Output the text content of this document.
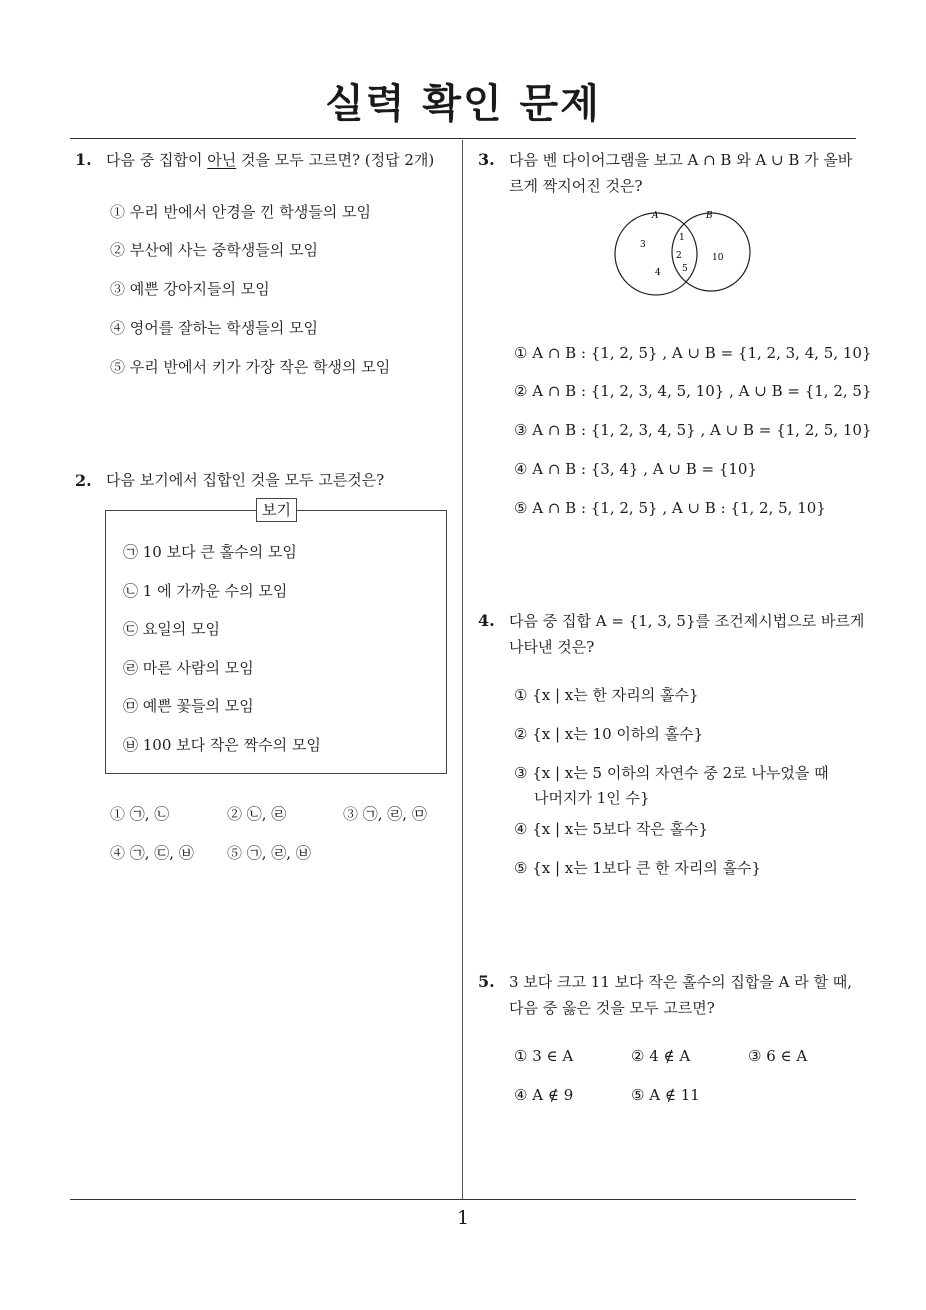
실력 확인 문제
1. 다음 중 집합이 아닌 것을 모두 고르면? (정답 2개)
① 우리 반에서 안경을 낀 학생들의 모임
② 부산에 사는 중학생들의 모임
③ 예쁜 강아지들의 모임
④ 영어를 잘하는 학생들의 모임
⑤ 우리 반에서 키가 가장 작은 학생의 모임
2. 다음 보기에서 집합인 것을 모두 고른것은?
보기
㉠ 10 보다 큰 홀수의 모임
㉡ 1 에 가까운 수의 모임
㉢ 요일의 모임
㉣ 마른 사람의 모임
㉤ 예쁜 꽃들의 모임
㉥ 100 보다 작은 짝수의 모임
① ㉠, ㉡	② ㉡, ㉣	③ ㉠, ㉣, ㉤
④ ㉠, ㉢, ㉥ ⑤ ㉠, ㉣, ㉥
3. 다음 벤 다이어그램을 보고 A ∩ B 와 A ∪ B 가 올바
르게 짝지어진 것은?
A	B
3
4
1
2
5
10
① A ∩ B : {1, 2, 5} , A ∪ B = {1, 2, 3, 4, 5, 10}
② A ∩ B : {1, 2, 3, 4, 5, 10} , A ∪ B = {1, 2, 5}
③ A ∩ B : {1, 2, 3, 4, 5} , A ∪ B = {1, 2, 5, 10}
④ A ∩ B : {3, 4} , A ∪ B = {10}
⑤ A ∩ B : {1, 2, 5} , A ∪ B : {1, 2, 5, 10}
4. 다음 중 집합 A = {1, 3, 5}를 조건제시법으로 바르게
나타낸 것은?
① {x | x는 한 자리의 홀수}
② {x | x는 10 이하의 홀수}
③ {x | x는 5 이하의 자연수 중 2로 나누었을 때
나머지가 1인 수}
④ {x | x는 5보다 작은 홀수}
⑤ {x | x는 1보다 큰 한 자리의 홀수}
5. 3 보다 크고 11 보다 작은 홀수의 집합을 A 라 할 때,
다음 중 옳은 것을 모두 고르면?
① 3 ∈ A	② 4 ∉ A	③ 6 ∈ A
④ A ∉ 9	⑤ A ∉ 11
1
